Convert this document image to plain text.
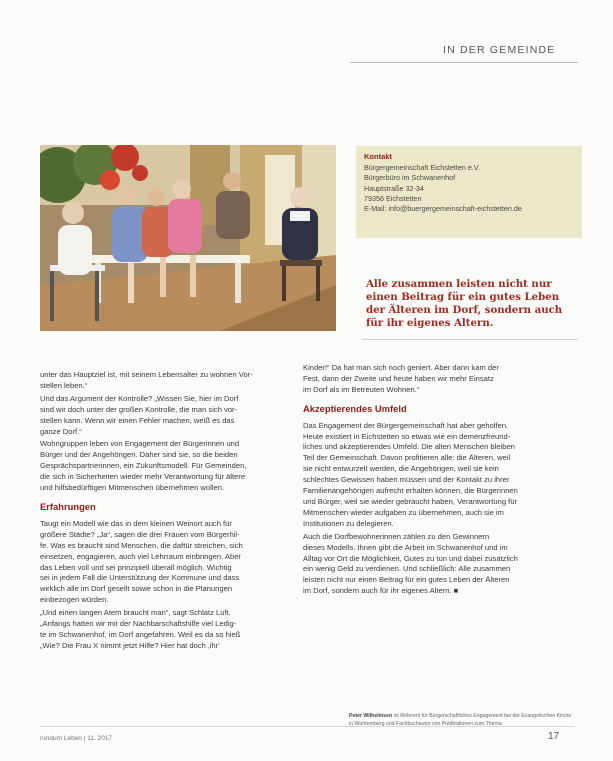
IN DER GEMEINDE
Kontakt
Bürgergemeinschaft Eichstetten e.V.
Bürgerbüro im Schwanenhof
Hauptstraße 32-34
79356 Eichstetten
E-Mail: info@buergergemeinschaft-eichstetten.de
Alle zusammen leisten nicht nur einen Beitrag für ein gutes Leben der Älteren im Dorf, sondern auch für ihr eigenes Altern.

unter das Hauptziel ist, mit seinem Lebensalter zu wohnen Vor-
stellen leben.“

Und das Argument der Kontrolle? „Wissen Sie, hier im Dorf
sind wir doch unter der großen Kontrolle, die man sich vor-
stellen kann. Wenn wir einen Fehler machen, weiß es das
ganze Dorf.“

Wohngruppen leben von Engagement der Bürgerinnen und
Bürger und der Angehörigen. Daher sind sie, so die beiden
Gesprächspartnerinnen, ein Zukunftsmodell. Für Gemeinden,
die sich in Sicherheiten wieder mehr Verantwortung für ältere
und hilfsbedürftigen Mitmenschen übernehmen wollen.

Erfahrungen

Taugt ein Modell wie das in dem kleinen Weinort auch für
größere Städte? „Ja“, sagen die drei Frauen vom Bürgerhil-
fe. Was es braucht sind Menschen, die daftür streichen, sich
einsetzen, engagieren, auch viel Lehrraum einbringen. Aber
das Leben voll und sei prinzipiell überall möglich. Wichtig
sei in jedem Fall die Unterstützung der Kommune und dass
wirklich alle im Dorf gesellt sowie schon in die Planungen
einbezogen würden.

„Und einen langen Atem braucht man“, sagt Schlatz Luft.
„Anfangs hatten wir mit der Nachbarschaftshilfe viel Ledig-
te im Schwanenhof, im Dorf angefahren. Weil es da so hieß
„Wie? Die Frau X nimmt jetzt Hilfe? Hier hat doch ‚ihr‘

Kinder!“ Da hat man sich noch geniert. Aber dann kam der
Fest, dann der Zweite und heute haben wir mehr Einsatz
im Dorf als im Betreuten Wohnen.“

Akzeptierendes Umfeld

Das Engagement der Bürgergemeinschaft hat aber geholfen.
Heute existiert in Eichstetten so etwas wie ein demenzfreund-
liches und akzeptierendes Umfeld. Die alten Menschen bleiben
Teil der Gemeinschaft. Davon profitieren alle: die Älteren, weil
sie nicht entwurzelt werden, die Angehörigen, weil sie kein
schlechtes Gewissen haben müssen und der Kontakt zu ihrer
Familienangehörigen aufrecht erhalten können, die Bürgerinnen
und Bürger, weil sie wieder gebraucht haben, Verantwortung für
Mitmenschen wieder aufgaben zu übernehmen, auch sie im
Institutionen zu delegieren.

Auch die Dorfbewohnerinnen zählen zu den Gewinnern
dieses Modells. Ihnen gibt die Arbeit im Schwanenhof und im
Alltag vor Ort die Möglichkeit, Gutes zu tun und dabei zusätzlich
ein wenig Geld zu verdienen. Und schließlich: Alle zusammen
leisten nicht nur einen Beitrag für ein gutes Leben der Älteren
im Dorf, sondern auch für ihr eigenes Altern. ■

Peter Wilhelmsen ist Referent für Bürgerschaftliches Engagement bei der Evangelischen Kirche in Württemberg und Fachbuchautor von Publikationen zum Thema.
rundum Leben | 11. 2017	17
